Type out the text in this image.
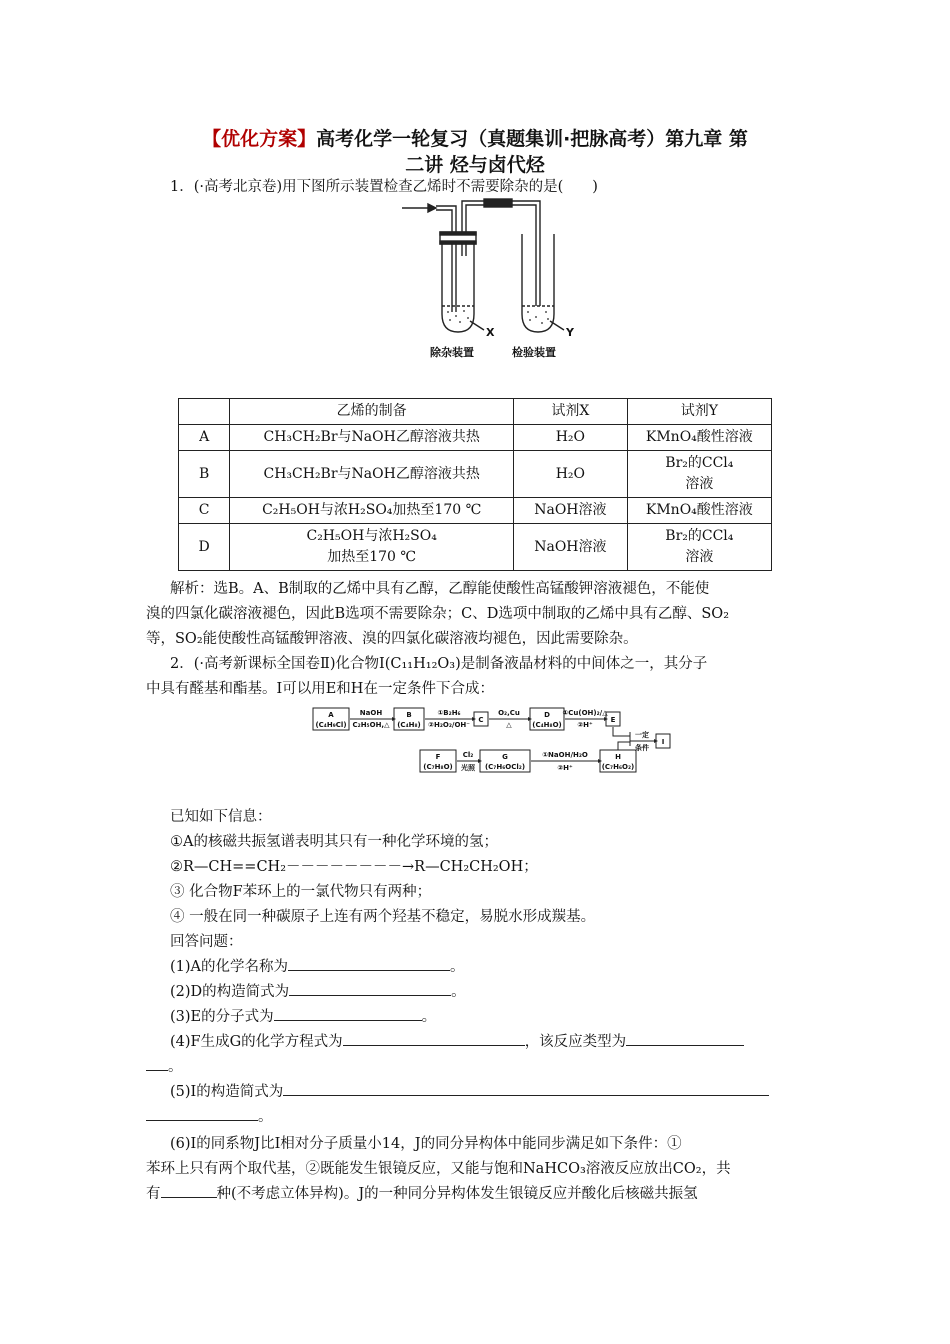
【优化方案】高考化学一轮复习（真题集训·把脉高考）第九章 第
二讲 烃与卤代烃
1．(·高考北京卷)用下图所示装置检查乙烯时不需要除杂的是(　　)
X	Y
除杂装置	检验装置
	乙烯的制备	试剂X	试剂Y
A	CH₃CH₂Br与NaOH乙醇溶液共热	H₂O	KMnO₄酸性溶液
B	CH₃CH₂Br与NaOH乙醇溶液共热	H₂O	Br₂的CCl₄
溶液
C	C₂H₅OH与浓H₂SO₄加热至170 ℃	NaOH溶液	KMnO₄酸性溶液
D	C₂H₅OH与浓H₂SO₄
加热至170 ℃	NaOH溶液	Br₂的CCl₄
溶液
解析：选B。A、B制取的乙烯中具有乙醇，乙醇能使酸性高锰酸钾溶液褪色，不能使
溴的四氯化碳溶液褪色，因此B选项不需要除杂；C、D选项中制取的乙烯中具有乙醇、SO₂
等，SO₂能使酸性高锰酸钾溶液、溴的四氯化碳溶液均褪色，因此需要除杂。
2．(·高考新课标全国卷Ⅱ)化合物I(C₁₁H₁₂O₃)是制备液晶材料的中间体之一，其分子
中具有醛基和酯基。I可以用E和H在一定条件下合成：
A
(C₄H₉Cl)
NaOH
C₂H₅OH,△
B
(C₄H₈)
①B₂H₆
②H₂O₂/OH⁻
C
O₂,Cu
△
D
(C₄H₈O)
①Cu(OH)₂/△
②H⁺
E
F
(C₇H₈O)
Cl₂
光照
G
(C₇H₆OCl₂)
①NaOH/H₂O
②H⁺
H
(C₇H₆O₂)
一定
条件
I
已知如下信息：
①A的核磁共振氢谱表明其只有一种化学环境的氢；
②R—CH==CH₂－－－－－－－－→R—CH₂CH₂OH；
③ 化合物F苯环上的一氯代物只有两种；
④ 一般在同一种碳原子上连有两个羟基不稳定，易脱水形成羰基。
回答问题：
(1)A的化学名称为	。
(2)D的构造简式为	。
(3)E的分子式为	。
(4)F生成G的化学方程式为	，该反应类型为
。
(5)I的构造简式为
。
(6)I的同系物J比I相对分子质量小14，J的同分异构体中能同步满足如下条件：①
苯环上只有两个取代基，②既能发生银镜反应，又能与饱和NaHCO₃溶液反应放出CO₂，共
有	种(不考虑立体异构)。J的一种同分异构体发生银镜反应并酸化后核磁共振氢
